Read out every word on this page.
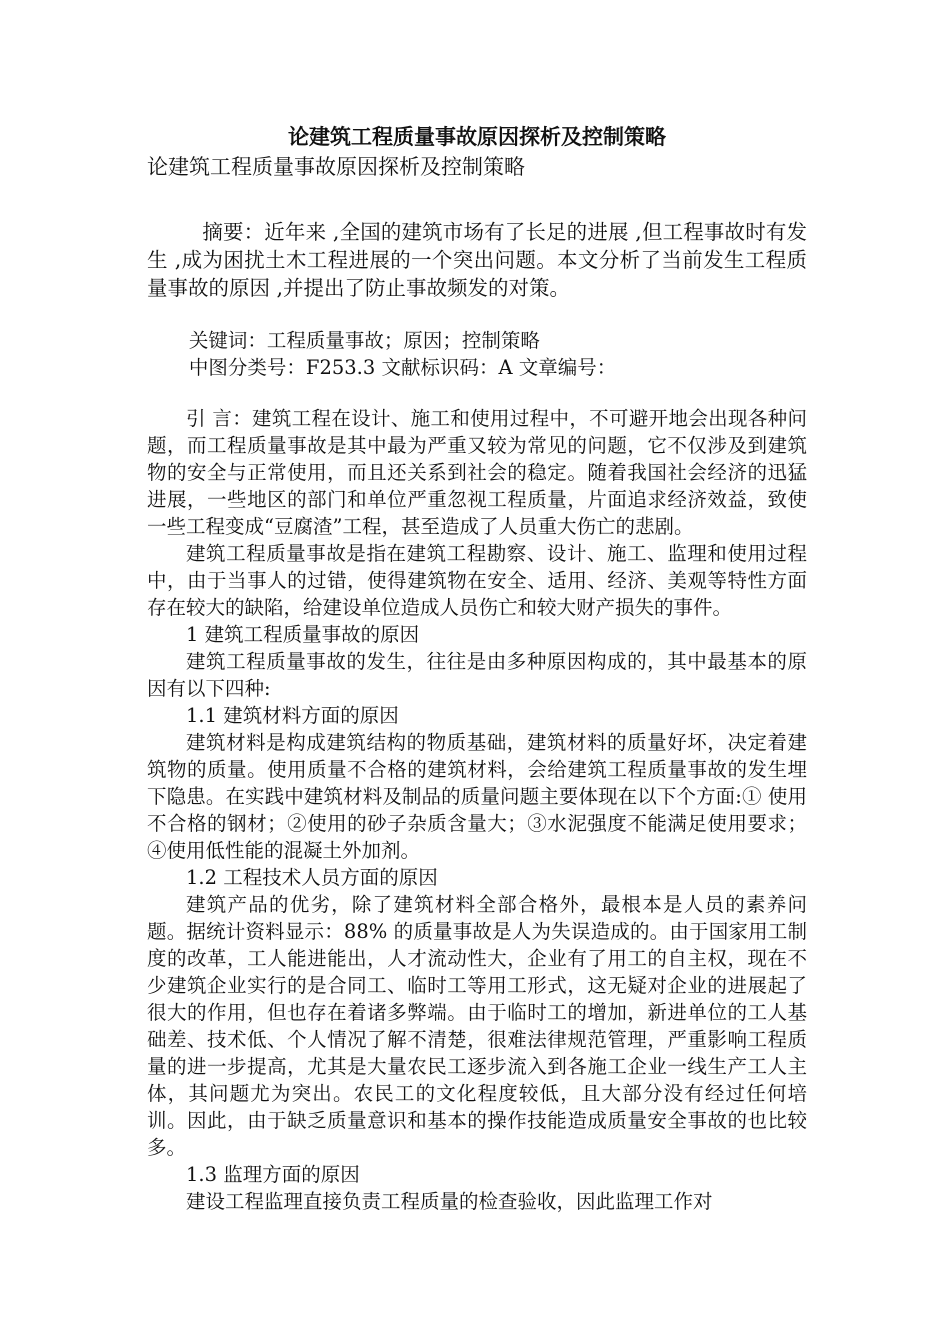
论建筑工程质量事故原因探析及控制策略

论建筑工程质量事故原因探析及控制策略

摘要：近年来 ,全国的建筑市场有了长足的进展 ,但工程事故时有发生 ,成为困扰土木工程进展的一个突出问题。本文分析了当前发生工程质量事故的原因 ,并提出了防止事故频发的对策。

关键词：工程质量事故；原因；控制策略

中图分类号：F253.3 文献标识码：A 文章编号：

引 言：建筑工程在设计、施工和使用过程中，不可避开地会出现各种问题，而工程质量事故是其中最为严重又较为常见的问题，它不仅涉及到建筑物的安全与正常使用，而且还关系到社会的稳定。随着我国社会经济的迅猛进展，一些地区的部门和单位严重忽视工程质量，片面追求经济效益，致使一些工程变成“豆腐渣”工程，甚至造成了人员重大伤亡的悲剧。

建筑工程质量事故是指在建筑工程勘察、设计、施工、监理和使用过程中，由于当事人的过错，使得建筑物在安全、适用、经济、美观等特性方面存在较大的缺陷，给建设单位造成人员伤亡和较大财产损失的事件。

1 建筑工程质量事故的原因

建筑工程质量事故的发生，往往是由多种原因构成的，其中最基本的原因有以下四种:

1.1 建筑材料方面的原因

建筑材料是构成建筑结构的物质基础，建筑材料的质量好坏，决定着建筑物的质量。使用质量不合格的建筑材料，会给建筑工程质量事故的发生埋下隐患。在实践中建筑材料及制品的质量问题主要体现在以下个方面:① 使用不合格的钢材；②使用的砂子杂质含量大；③水泥强度不能满足使用要求；④使用低性能的混凝土外加剂。

1.2 工程技术人员方面的原因

建筑产品的优劣，除了建筑材料全部合格外，最根本是人员的素养问题。据统计资料显示：88% 的质量事故是人为失误造成的。由于国家用工制度的改革，工人能进能出，人才流动性大，企业有了用工的自主权，现在不少建筑企业实行的是合同工、临时工等用工形式，这无疑对企业的进展起了很大的作用，但也存在着诸多弊端。由于临时工的增加，新进单位的工人基础差、技术低、个人情况了解不清楚，很难法律规范管理，严重影响工程质量的进一步提高，尤其是大量农民工逐步流入到各施工企业一线生产工人主体，其问题尤为突出。农民工的文化程度较低，且大部分没有经过任何培训。因此，由于缺乏质量意识和基本的操作技能造成质量安全事故的也比较多。

1.3 监理方面的原因

建设工程监理直接负责工程质量的检查验收，因此监理工作对
